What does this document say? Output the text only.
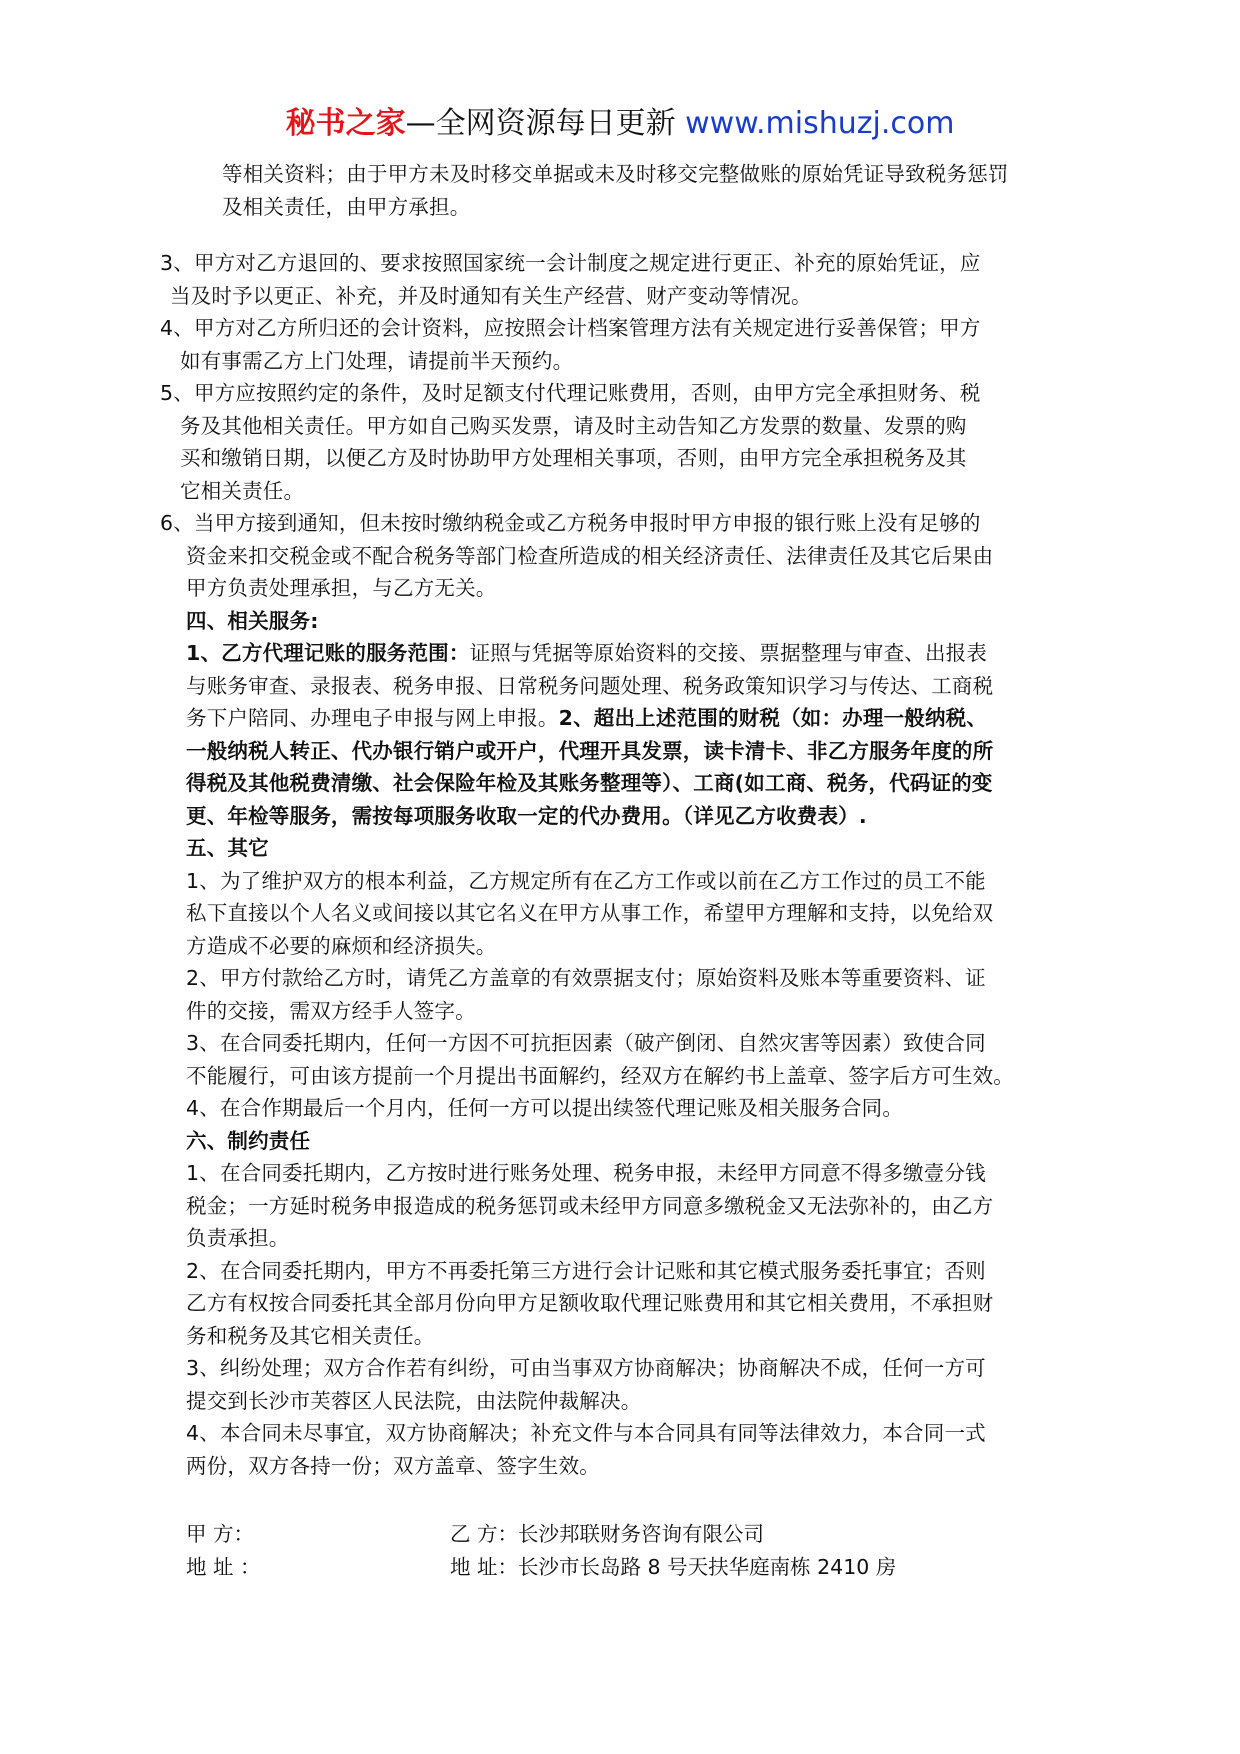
秘书之家—全网资源每日更新 www.mishuzj.com

等相关资料；由于甲方未及时移交单据或未及时移交完整做账的原始凭证导致税务惩罚

及相关责任，由甲方承担。

3、甲方对乙方退回的、要求按照国家统一会计制度之规定进行更正、补充的原始凭证，应

当及时予以更正、补充，并及时通知有关生产经营、财产变动等情况。

4、甲方对乙方所归还的会计资料，应按照会计档案管理方法有关规定进行妥善保管；甲方

如有事需乙方上门处理，请提前半天预约。

5、甲方应按照约定的条件，及时足额支付代理记账费用，否则，由甲方完全承担财务、税

务及其他相关责任。甲方如自己购买发票，请及时主动告知乙方发票的数量、发票的购

买和缴销日期，以便乙方及时协助甲方处理相关事项，否则，由甲方完全承担税务及其

它相关责任。

6、当甲方接到通知，但未按时缴纳税金或乙方税务申报时甲方申报的银行账上没有足够的

资金来扣交税金或不配合税务等部门检查所造成的相关经济责任、法律责任及其它后果由

甲方负责处理承担，与乙方无关。

四、相关服务:

1、乙方代理记账的服务范围：证照与凭据等原始资料的交接、票据整理与审查、出报表

与账务审查、录报表、税务申报、日常税务问题处理、税务政策知识学习与传达、工商税

务下户陪同、办理电子申报与网上申报。2、超出上述范围的财税（如：办理一般纳税、

一般纳税人转正、代办银行销户或开户，代理开具发票，读卡清卡、非乙方服务年度的所

得税及其他税费清缴、社会保险年检及其账务整理等）、工商(如工商、税务，代码证的变

更、年检等服务，需按每项服务收取一定的代办费用。（详见乙方收费表）.

五、其它

1、为了维护双方的根本利益，乙方规定所有在乙方工作或以前在乙方工作过的员工不能

私下直接以个人名义或间接以其它名义在甲方从事工作，希望甲方理解和支持，以免给双

方造成不必要的麻烦和经济损失。

2、甲方付款给乙方时，请凭乙方盖章的有效票据支付；原始资料及账本等重要资料、证

件的交接，需双方经手人签字。

3、在合同委托期内，任何一方因不可抗拒因素（破产倒闭、自然灾害等因素）致使合同

不能履行，可由该方提前一个月提出书面解约，经双方在解约书上盖章、签字后方可生效。

4、在合作期最后一个月内，任何一方可以提出续签代理记账及相关服务合同。

六、制约责任

1、在合同委托期内，乙方按时进行账务处理、税务申报，未经甲方同意不得多缴壹分钱

税金；一方延时税务申报造成的税务惩罚或未经甲方同意多缴税金又无法弥补的，由乙方

负责承担。

2、在合同委托期内，甲方不再委托第三方进行会计记账和其它模式服务委托事宜；否则

乙方有权按合同委托其全部月份向甲方足额收取代理记账费用和其它相关费用，不承担财

务和税务及其它相关责任。

3、纠纷处理；双方合作若有纠纷，可由当事双方协商解决；协商解决不成，任何一方可

提交到长沙市芙蓉区人民法院，由法院仲裁解决。

4、本合同未尽事宜，双方协商解决；补充文件与本合同具有同等法律效力，本合同一式

两份，双方各持一份；双方盖章、签字生效。

甲 方：	乙 方：长沙邦联财务咨询有限公司
地 址 ：	地 址：长沙市长岛路 8 号天扶华庭南栋 2410 房
